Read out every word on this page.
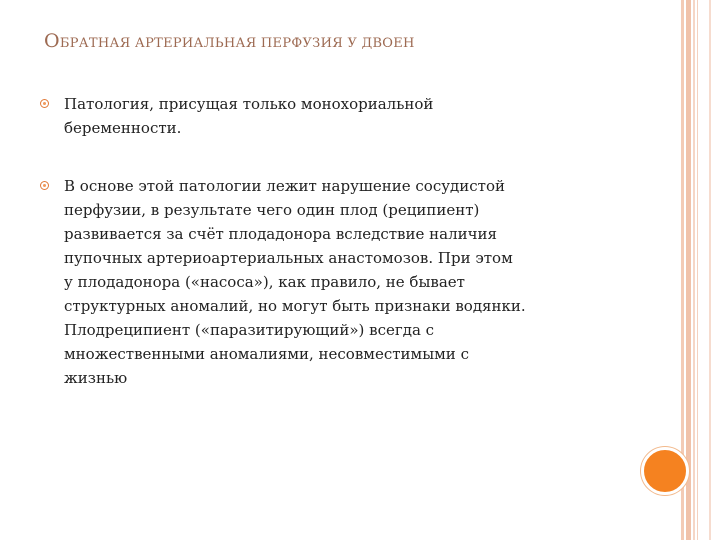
ОБРАТНАЯ АРТЕРИАЛЬНАЯ ПЕРФУЗИЯ У ДВОЕН
Патология, присущая только монохориальной
беременности.
В основе этой патологии лежит нарушение сосудистой
перфузии, в результате чего один плод (реципиент)
развивается за счёт плодадонора вследствие наличия
пупочных артериоартериальных анастомозов. При этом
у плодадонора («насоса»), как правило, не бывает
структурных аномалий, но могут быть признаки водянки.
Плодреципиент («паразитирующий») всегда с
множественными аномалиями, несовместимыми с
жизнью
